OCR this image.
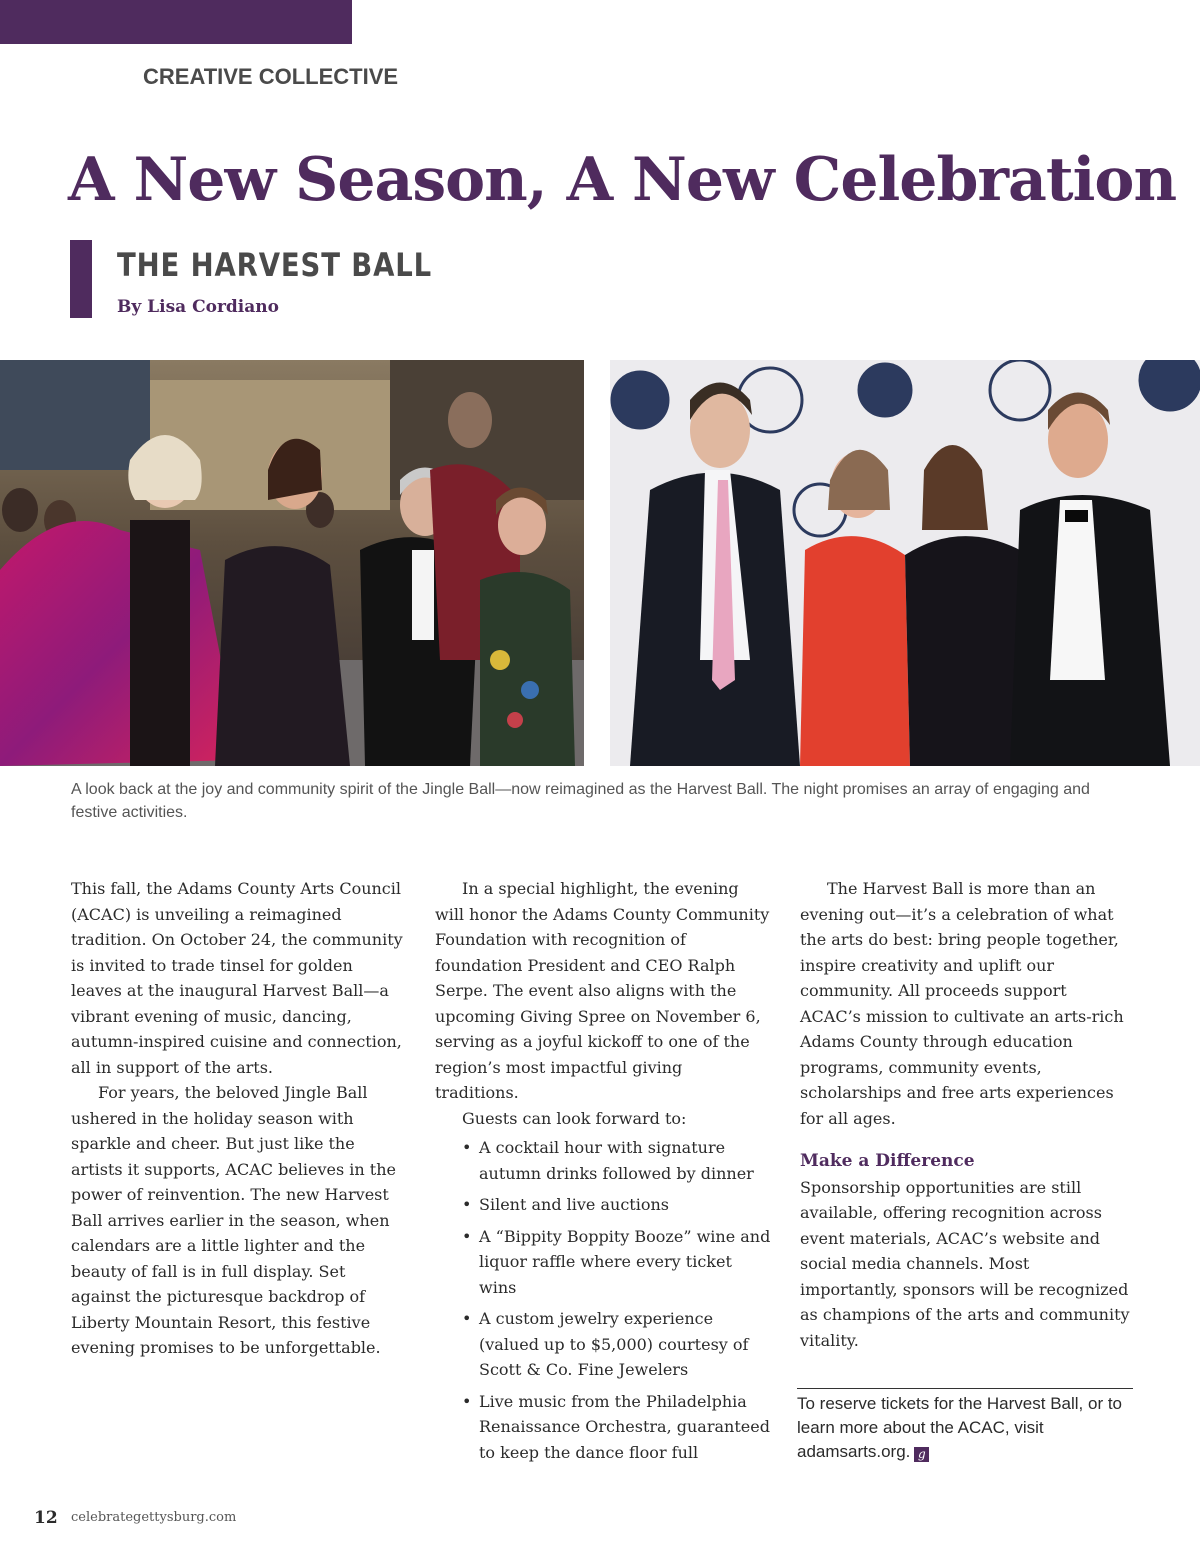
CREATIVE COLLECTIVE
A New Season, A New Celebration
THE HARVEST BALL
By Lisa Cordiano
A look back at the joy and community spirit of the Jingle Ball—now reimagined as the Harvest Ball. The night promises an array of engaging and festive activities.

This fall, the Adams County Arts Council (ACAC) is unveiling a reimagined tradition. On October 24, the community is invited to trade tinsel for golden leaves at the inaugural Harvest Ball—a vibrant evening of music, dancing, autumn-inspired cuisine and connection, all in support of the arts.

For years, the beloved Jingle Ball ushered in the holiday season with sparkle and cheer. But just like the artists it supports, ACAC believes in the power of reinvention. The new Harvest Ball arrives earlier in the season, when calendars are a little lighter and the beauty of fall is in full display. Set against the picturesque backdrop of Liberty Mountain Resort, this festive evening promises to be unforgettable.

In a special highlight, the evening will honor the Adams County Community Foundation with recognition of foundation President and CEO Ralph Serpe. The event also aligns with the upcoming Giving Spree on November 6, serving as a joyful kickoff to one of the region’s most impactful giving traditions.

Guests can look forward to:

• A cocktail hour with signature autumn drinks followed by dinner
• Silent and live auctions
• A “Bippity Boppity Booze” wine and liquor raffle where every ticket wins
• A custom jewelry experience (valued up to $5,000) courtesy of Scott & Co. Fine Jewelers
• Live music from the Philadelphia Renaissance Orchestra, guaranteed to keep the dance floor full

The Harvest Ball is more than an evening out—it’s a celebration of what the arts do best: bring people together, inspire creativity and uplift our community. All proceeds support ACAC’s mission to cultivate an arts-rich Adams County through education programs, community events, scholarships and free arts experiences for all ages.

Make a Difference

Sponsorship opportunities are still available, offering recognition across event materials, ACAC’s website and social media channels. Most importantly, sponsors will be recognized as champions of the arts and community vitality.

To reserve tickets for the Harvest Ball, or to learn more about the ACAC, visit adamsarts.org. g
12 celebrategettysburg.com
